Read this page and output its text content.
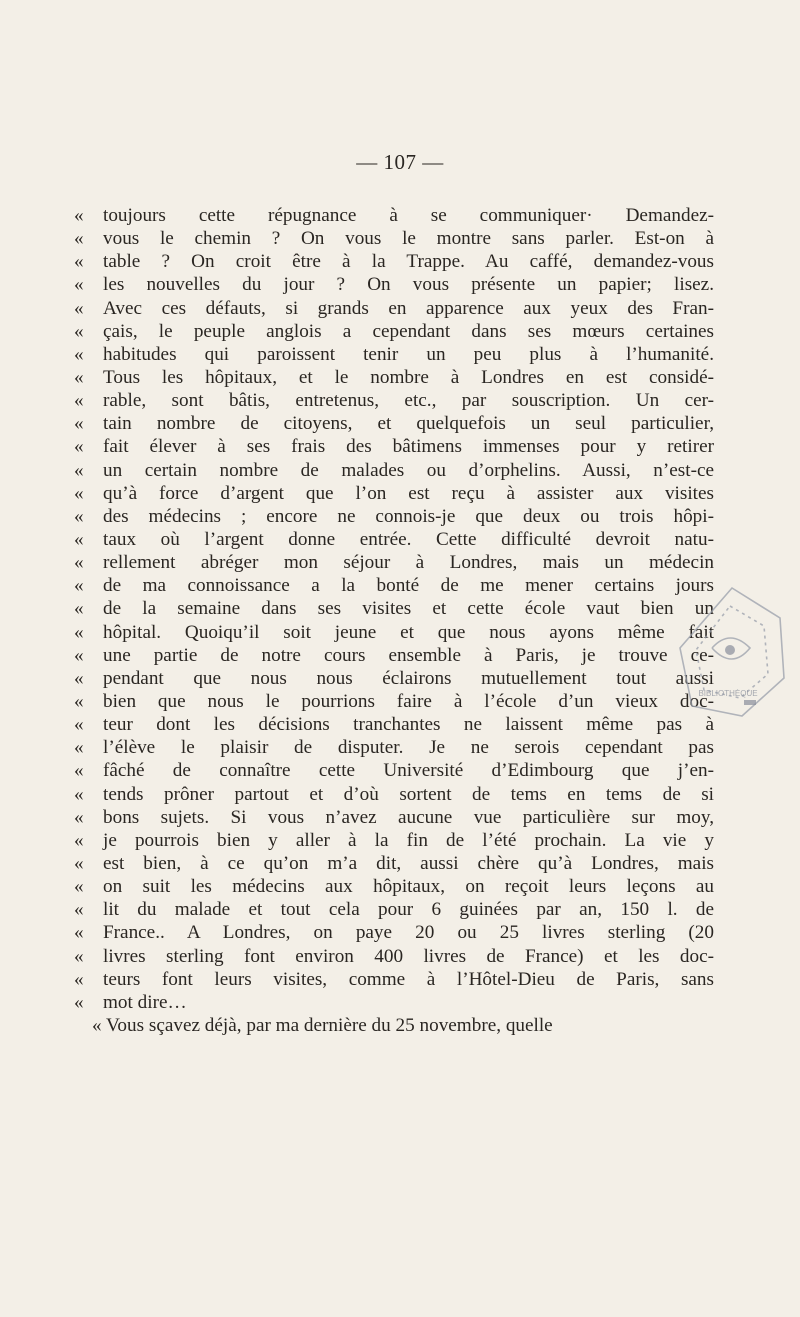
— 107 —
« toujours cette répugnance à se communiquer· Demandez-
« vous le chemin ? On vous le montre sans parler. Est-on à
« table ? On croit être à la Trappe. Au caffé, demandez-vous
« les nouvelles du jour ? On vous présente un papier; lisez.
« Avec ces défauts, si grands en apparence aux yeux des Fran-
« çais, le peuple anglois a cependant dans ses mœurs certaines
« habitudes qui paroissent tenir un peu plus à l’humanité.
« Tous les hôpitaux, et le nombre à Londres en est considé-
« rable, sont bâtis, entretenus, etc., par souscription. Un cer-
« tain nombre de citoyens, et quelquefois un seul particulier,
« fait élever à ses frais des bâtimens immenses pour y retirer
« un certain nombre de malades ou d’orphelins. Aussi, n’est-ce
« qu’à force d’argent que l’on est reçu à assister aux visites
« des médecins ; encore ne connois-je que deux ou trois hôpi-
« taux où l’argent donne entrée. Cette difficulté devroit natu-
« rellement abréger mon séjour à Londres, mais un médecin
« de ma connoissance a la bonté de me mener certains jours
« de la semaine dans ses visites et cette école vaut bien un
« hôpital. Quoiqu’il soit jeune et que nous ayons même fait
« une partie de notre cours ensemble à Paris, je trouve ce-
« pendant que nous nous éclairons mutuellement tout aussi
« bien que nous le pourrions faire à l’école d’un vieux doc-
« teur dont les décisions tranchantes ne laissent même pas à
« l’élève le plaisir de disputer. Je ne serois cependant pas
« fâché de connaître cette Université d’Edimbourg que j’en-
« tends prôner partout et d’où sortent de tems en tems de si
« bons sujets. Si vous n’avez aucune vue particulière sur moy,
« je pourrois bien y aller à la fin de l’été prochain. La vie y
« est bien, à ce qu’on m’a dit, aussi chère qu’à Londres, mais
« on suit les médecins aux hôpitaux, on reçoit leurs leçons au
« lit du malade et tout cela pour 6 guinées par an, 150 l. de
« France.. A Londres, on paye 20 ou 25 livres sterling (20
« livres sterling font environ 400 livres de France) et les doc-
« teurs font leurs visites, comme à l’Hôtel-Dieu de Paris, sans
« mot dire…
« Vous sçavez déjà, par ma dernière du 25 novembre, quelle
BIBLIOTHÈQUE
